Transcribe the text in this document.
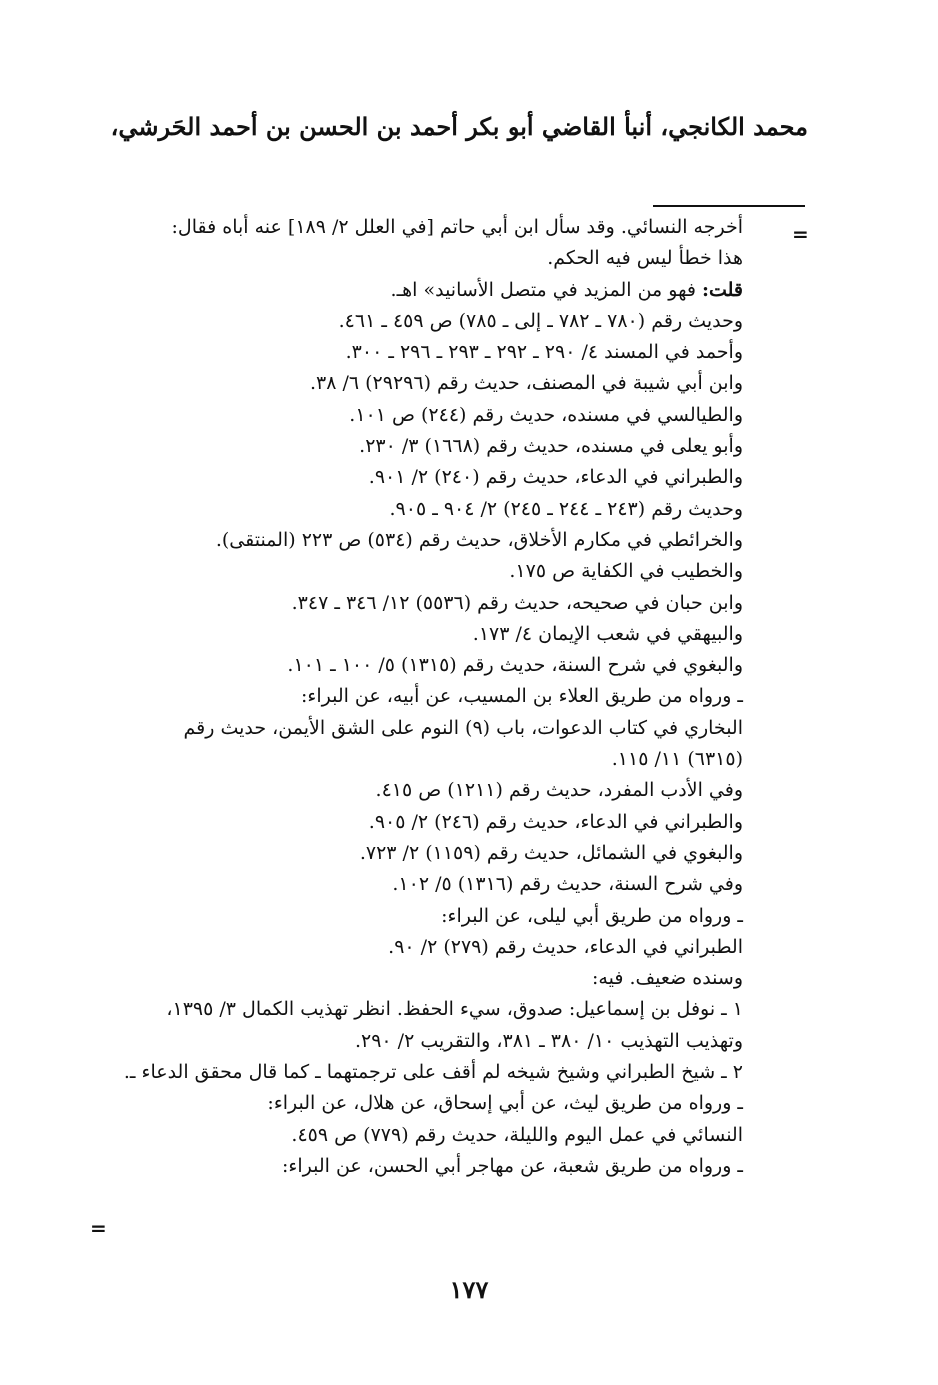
محمد الكانجي، أنبأ القاضي أبو بكر أحمد بن الحسن بن أحمد الحَرشي،
=
أخرجه النسائي. وقد سأل ابن أبي حاتم [في العلل ٢/ ١٨٩] عنه أباه فقال:
هذا خطأ ليس فيه الحكم.
قلت: فهو من المزيد في متصل الأسانيد» اهـ.
وحديث رقم (٧٨٠ ـ ٧٨٢ ـ إلى ـ ٧٨٥) ص ٤٥٩ ـ ٤٦١.
وأحمد في المسند ٤/ ٢٩٠ ـ ٢٩٢ ـ ٢٩٣ ـ ٢٩٦ ـ ٣٠٠.
وابن أبي شيبة في المصنف، حديث رقم (٢٩٢٩٦) ٦/ ٣٨.
والطيالسي في مسنده، حديث رقم (٢٤٤) ص ١٠١.
وأبو يعلى في مسنده، حديث رقم (١٦٦٨) ٣/ ٢٣٠.
والطبراني في الدعاء، حديث رقم (٢٤٠) ٢/ ٩٠١.
وحديث رقم (٢٤٣ ـ ٢٤٤ ـ ٢٤٥) ٢/ ٩٠٤ ـ ٩٠٥.
والخرائطي في مكارم الأخلاق، حديث رقم (٥٣٤) ص ٢٢٣ (المنتقى).
والخطيب في الكفاية ص ١٧٥.
وابن حبان في صحيحه، حديث رقم (٥٥٣٦) ١٢/ ٣٤٦ ـ ٣٤٧.
والبيهقي في شعب الإيمان ٤/ ١٧٣.
والبغوي في شرح السنة، حديث رقم (١٣١٥) ٥/ ١٠٠ ـ ١٠١.
ـ ورواه من طريق العلاء بن المسيب، عن أبيه، عن البراء:
البخاري في كتاب الدعوات، باب (٩) النوم على الشق الأيمن، حديث رقم
(٦٣١٥) ١١/ ١١٥.
وفي الأدب المفرد، حديث رقم (١٢١١) ص ٤١٥.
والطبراني في الدعاء، حديث رقم (٢٤٦) ٢/ ٩٠٥.
والبغوي في الشمائل، حديث رقم (١١٥٩) ٢/ ٧٢٣.
وفي شرح السنة، حديث رقم (١٣١٦) ٥/ ١٠٢.
ـ ورواه من طريق أبي ليلى، عن البراء:
الطبراني في الدعاء، حديث رقم (٢٧٩) ٢/ ٩٠.
وسنده ضعيف. فيه:
١ ـ نوفل بن إسماعيل: صدوق، سيء الحفظ. انظر تهذيب الكمال ٣/ ١٣٩٥،
وتهذيب التهذيب ١٠/ ٣٨٠ ـ ٣٨١، والتقريب ٢/ ٢٩٠.
٢ ـ شيخ الطبراني وشيخ شيخه لم أقف على ترجمتهما ـ كما قال محقق الدعاء ـ.
ـ ورواه من طريق ليث، عن أبي إسحاق، عن هلال، عن البراء:
النسائي في عمل اليوم والليلة، حديث رقم (٧٧٩) ص ٤٥٩.
ـ ورواه من طريق شعبة، عن مهاجر أبي الحسن، عن البراء:
=
١٧٧
